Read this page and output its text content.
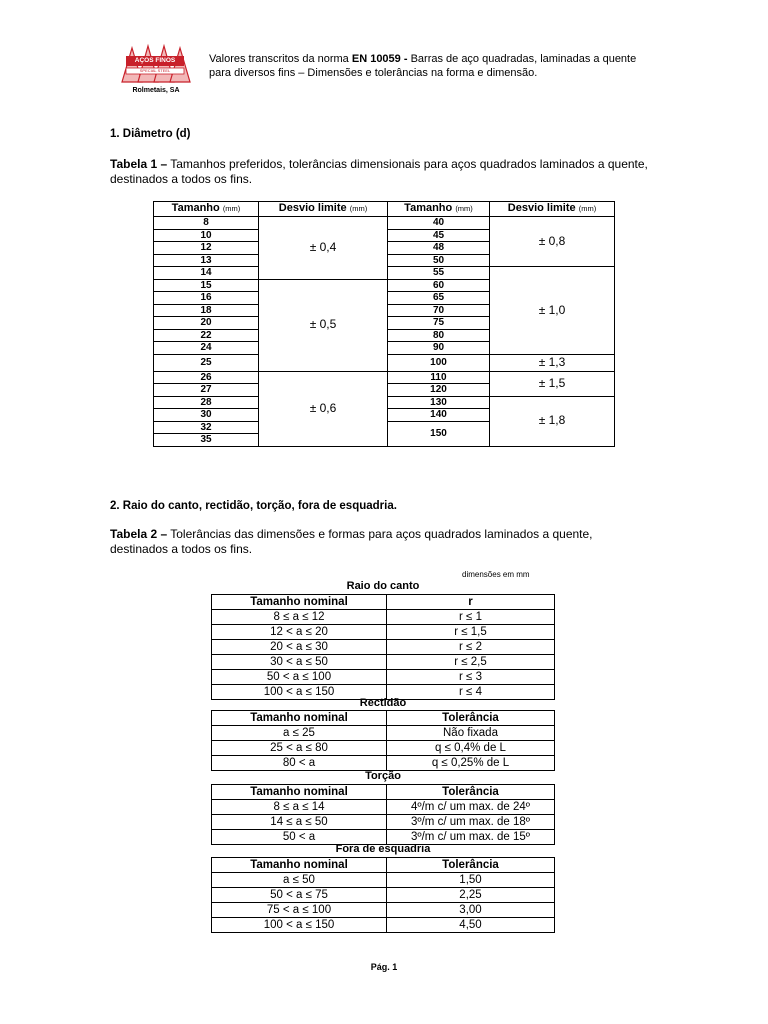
AÇOS FINOS
SPECIAL STEEL
Rolmetais, SA
Valores transcritos da norma EN 10059 - Barras de aço quadradas, laminadas a quente para diversos fins – Dimensões e tolerâncias na forma e dimensão.
1. Diâmetro (d)
Tabela 1 – Tamanhos preferidos, tolerâncias dimensionais para aços quadrados laminados a quente, destinados a todos os fins.
Tamanho (mm)	Desvio limite (mm)	Tamanho (mm)	Desvio limite (mm)
8	± 0,4	40	± 0,8
10		45	
12		48	
13		50	
14		55	± 1,0
15	± 0,5	60	
16		65	
18		70	
20		75	
22		80	
24		90	
25		100	± 1,3
26	± 0,6	110	± 1,5
27		120	
28		130	± 1,8
30		140	
32		150	
35			
2. Raio do canto, rectidão, torção, fora de esquadria.
Tabela 2 – Tolerâncias das dimensões e formas para aços quadrados laminados a quente, destinados a todos os fins.
dimensões em mm
Raio do canto
Tamanho nominal	r
8 ≤ a ≤ 12	r ≤ 1
12 < a ≤ 20	r ≤ 1,5
20 < a ≤ 30	r ≤ 2
30 < a ≤ 50	r ≤ 2,5
50 < a ≤ 100	r ≤ 3
100 < a ≤ 150	r ≤ 4
Rectidão
Tamanho nominal	Tolerância
a ≤ 25	Não fixada
25 < a ≤ 80	q ≤ 0,4% de L
80 < a	q ≤ 0,25% de L
Torção
Tamanho nominal	Tolerância
8 ≤ a ≤ 14	4º/m c/ um max. de 24º
14 ≤ a ≤ 50	3º/m c/ um max. de 18º
50 < a	3º/m c/ um max. de 15º
Fora de esquadria
Tamanho nominal	Tolerância
a ≤ 50	1,50
50 < a ≤ 75	2,25
75 < a ≤ 100	3,00
100 < a ≤ 150	4,50
Pág. 1
